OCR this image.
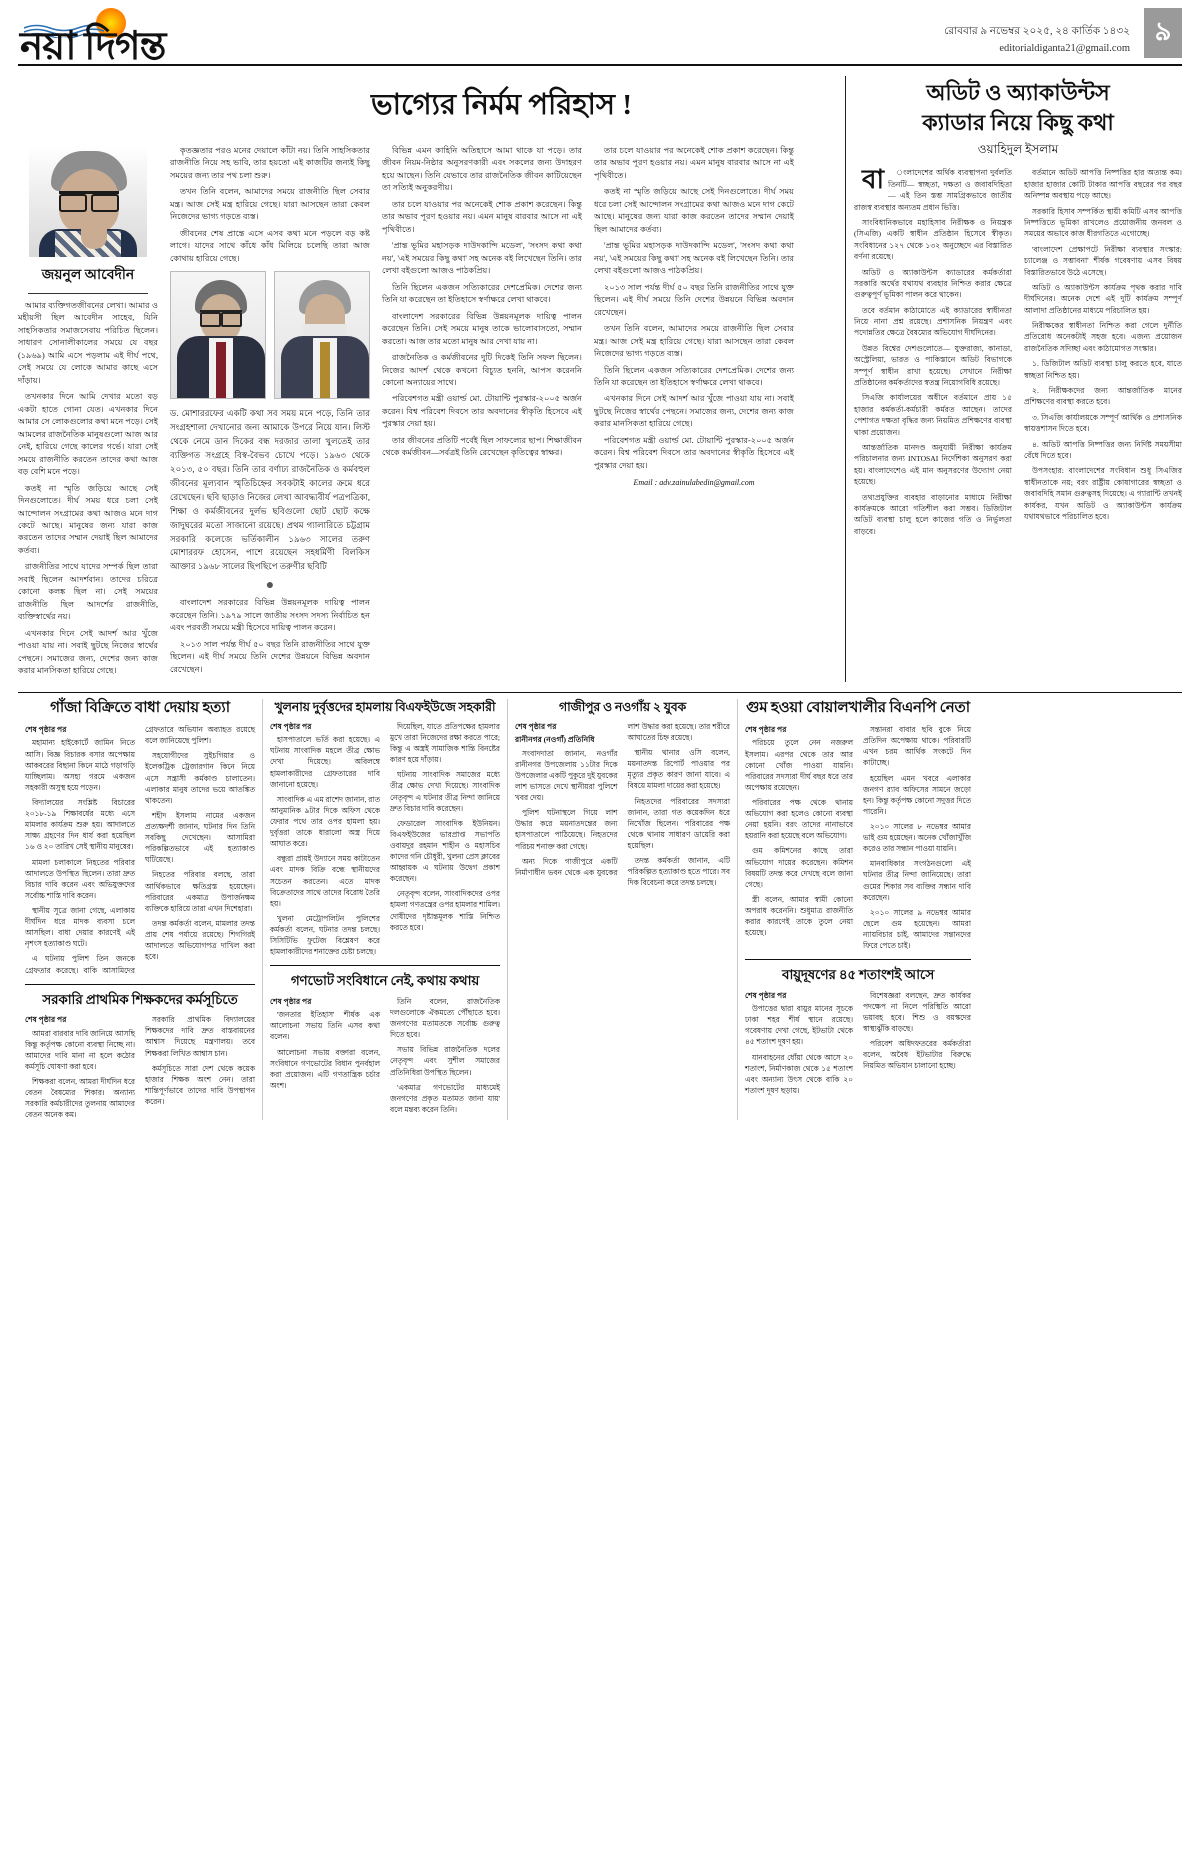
নয়া দিগন্ত	রোববার ৯ নভেম্বর ২০২৫, ২৪ কার্তিক ১৪৩২
editorialdiganta21@gmail.com
৯
ভাগ্যের নির্মম পরিহাস !
জয়নুল আবেদীন

আমার ব্যক্তিগতজীবনের লেখা। আমার ও মহীয়সী ছিল আবেদীন সাহেব, যিনি সাহসিকতার সমাজসেবায় পরিচিত ছিলেন। সাধারণ সোনালীকালের সময়ে যে বছর (১৯৬৯) আমি এসে পড়লাম এই দীর্ঘ পথে, সেই সময়ে যে লোকে আমার কাছে এসে দাঁড়ায়।

তখনকার দিনে আমি দেখার মতো বড় একটা হাতে গোনা যেত। এখনকার দিনে আমার সে লোকগুলোর কথা মনে পড়ে। সেই আমলের রাজনৈতিক মানুষগুলো আজ আর নেই, হারিয়ে গেছে কালের গর্ভে। যারা সেই সময়ে রাজনীতি করতেন তাদের কথা আজ বড় বেশি মনে পড়ে।

কতই না স্মৃতি জড়িয়ে আছে সেই দিনগুলোতে। দীর্ঘ সময় ধরে চলা সেই আন্দোলন সংগ্রামের কথা আজও মনে দাগ কেটে আছে। মানুষের জন্য যারা কাজ করতেন তাদের সম্মান দেয়াই ছিল আমাদের কর্তব্য।

রাজনীতির সাথে যাদের সম্পর্ক ছিল তারা সবাই ছিলেন আদর্শবান। তাদের চরিত্রে কোনো কলঙ্ক ছিল না। সেই সময়ের রাজনীতি ছিল আদর্শের রাজনীতি, ব্যক্তিস্বার্থের নয়।

এখনকার দিনে সেই আদর্শ আর খুঁজে পাওয়া যায় না। সবাই ছুটছে নিজের স্বার্থের পেছনে। সমাজের জন্য, দেশের জন্য কাজ করার মানসিকতা হারিয়ে গেছে।

কৃতজ্ঞতার পরও মনের দেয়ালে কাঁটা নয়। তিনি সাহসিকতার রাজনীতি নিয়ে সহ ভাবি, তার হয়তো এই কাজটির জন্যই কিছু সময়ের জন্য তার পথ চলা শুরু।

তখন তিনি বলেন, আমাদের সময়ে রাজনীতি ছিল সেবার মন্ত্র। আজ সেই মন্ত্র হারিয়ে গেছে। যারা আসছেন তারা কেবল নিজেদের ভাগ্য গড়তে ব্যস্ত।

জীবনের শেষ প্রান্তে এসে এসব কথা মনে পড়লে বড় কষ্ট লাগে। যাদের সাথে কাঁধে কাঁধ মিলিয়ে চলেছি তারা আজ কোথায় হারিয়ে গেছে।

ড. মোশাররফের একটি কথা সব সময় মনে পড়ে, তিনি তার সংগ্রহশালা দেখানোর জন্য আমাকে উপরে নিয়ে যান। লিস্ট থেকে নেমে ডান দিকের বন্ধ দরজার তালা খুলতেই তার ব্যক্তিগত সংগ্রহে বিস্ব-বৈভব চোখে পড়ে। ১৯৬৩ থেকে ২০১৩, ৫০ বছর। তিনি তার বর্ণাঢ্য রাজনৈতিক ও কর্মবহুল জীবনের মূল্যবান স্মৃতিচিহ্নের সবকটাই কালের ক্রমে ধরে রেখেছেন। ছবি ছাড়াও নিজের লেখা আবদ্ধ্যবীর্য পত্রপত্রিকা, শিক্ষা ও কর্মজীবনের দুর্লভ ছবিগুলো ছোট ছোট কক্ষে জাদুঘরের মতো সাজানো রয়েছে। প্রথম গ্যালারিতে চট্টগ্রাম সরকারি কলেজে ভর্তিকালীন ১৯৬৩ সালের তরুণ মোশাররফ হোসেন, পাশে রয়েছেন সহধর্মিণী বিলকিস আক্তার ১৯৬৮ সালের ছিপছিপে তরুণীর ছবিটি

●

বাংলাদেশ সরকারের বিভিন্ন উন্নয়নমূলক দায়িত্ব পালন করেছেন তিনি। ১৯৭৯ সালে জাতীয় সংসদ সদস্য নির্বাচিত হন এবং পরবর্তী সময়ে মন্ত্রী হিসেবে দায়িত্ব পালন করেন।

২০১৩ সাল পর্যন্ত দীর্ঘ ৫০ বছর তিনি রাজনীতির সাথে যুক্ত ছিলেন। এই দীর্ঘ সময়ে তিনি দেশের উন্নয়নে বিভিন্ন অবদান রেখেছেন।

বিভিন্ন এমন কাহিনি অতিহাসে আমা থাকে যা পড়ে। তার জীবন নিয়ম-নিষ্ঠার অনুসরণকারী এবং সকলের জন্য উদাহরণ হয়ে আছেন। তিনি যেভাবে তার রাজনৈতিক জীবন কাটিয়েছেন তা সত্যিই অনুকরণীয়।

তার চলে যাওয়ার পর অনেকেই শোক প্রকাশ করেছেন। কিন্তু তার অভাব পূরণ হওয়ার নয়। এমন মানুষ বারবার আসে না এই পৃথিবীতে।

'প্রান্ত ভূমির মহাসড়ক দাউদকান্দি মডেল', 'সংসদ কথা কথা নয়', 'এই সময়ের কিছু কথা' সহ অনেক বই লিখেছেন তিনি। তার লেখা বইগুলো আজও পাঠকপ্রিয়।

তিনি ছিলেন একজন সত্যিকারের দেশপ্রেমিক। দেশের জন্য তিনি যা করেছেন তা ইতিহাসে স্বর্ণাক্ষরে লেখা থাকবে।

বাংলাদেশ সরকারের বিভিন্ন উন্নয়নমূলক দায়িত্ব পালন করেছেন তিনি। সেই সময়ে মানুষ তাকে ভালোবাসতো, সম্মান করতো। আজ তার মতো মানুষ আর দেখা যায় না।

রাজনৈতিক ও কর্মজীবনের দুটি দিকেই তিনি সফল ছিলেন। নিজের আদর্শ থেকে কখনো বিচ্যুত হননি, আপস করেননি কোনো অন্যায়ের সাথে।

পরিবেশগত মন্ত্রী ওয়ার্ল্ড মো. টোয়ান্টি পুরস্কার-২০০৫ অর্জন করেন। বিশ্ব পরিবেশ দিবসে তার অবদানের স্বীকৃতি হিসেবে এই পুরস্কার দেয়া হয়।

তার জীবনের প্রতিটি পর্বেই ছিল সাফল্যের ছাপ। শিক্ষাজীবন থেকে কর্মজীবন—সর্বত্রই তিনি রেখেছেন কৃতিত্বের স্বাক্ষর।

তার চলে যাওয়ার পর অনেকেই শোক প্রকাশ করেছেন। কিন্তু তার অভাব পূরণ হওয়ার নয়। এমন মানুষ বারবার আসে না এই পৃথিবীতে।

কতই না স্মৃতি জড়িয়ে আছে সেই দিনগুলোতে। দীর্ঘ সময় ধরে চলা সেই আন্দোলন সংগ্রামের কথা আজও মনে দাগ কেটে আছে। মানুষের জন্য যারা কাজ করতেন তাদের সম্মান দেয়াই ছিল আমাদের কর্তব্য।

'প্রান্ত ভূমির মহাসড়ক দাউদকান্দি মডেল', 'সংসদ কথা কথা নয়', 'এই সময়ের কিছু কথা' সহ অনেক বই লিখেছেন তিনি। তার লেখা বইগুলো আজও পাঠকপ্রিয়।

২০১৩ সাল পর্যন্ত দীর্ঘ ৫০ বছর তিনি রাজনীতির সাথে যুক্ত ছিলেন। এই দীর্ঘ সময়ে তিনি দেশের উন্নয়নে বিভিন্ন অবদান রেখেছেন।

তখন তিনি বলেন, আমাদের সময়ে রাজনীতি ছিল সেবার মন্ত্র। আজ সেই মন্ত্র হারিয়ে গেছে। যারা আসছেন তারা কেবল নিজেদের ভাগ্য গড়তে ব্যস্ত।

তিনি ছিলেন একজন সত্যিকারের দেশপ্রেমিক। দেশের জন্য তিনি যা করেছেন তা ইতিহাসে স্বর্ণাক্ষরে লেখা থাকবে।

এখনকার দিনে সেই আদর্শ আর খুঁজে পাওয়া যায় না। সবাই ছুটছে নিজের স্বার্থের পেছনে। সমাজের জন্য, দেশের জন্য কাজ করার মানসিকতা হারিয়ে গেছে।

পরিবেশগত মন্ত্রী ওয়ার্ল্ড মো. টোয়ান্টি পুরস্কার-২০০৫ অর্জন করেন। বিশ্ব পরিবেশ দিবসে তার অবদানের স্বীকৃতি হিসেবে এই পুরস্কার দেয়া হয়।

Email : adv.zainulabedin@gmail.com

অডিট ও অ্যাকাউন্টস
ক্যাডার নিয়ে কিছু কথা
ওয়াহিদুল ইসলাম

বা	ংলাদেশের অর্থিক ব্যবস্থাপনা দুর্বলতি তিনটি— স্বচ্ছতা, দক্ষতা ও জবাবদিহিতা— এই তিন স্তম্ভ সামগ্রিকভাবে জাতীয় রাজস্ব ব্যবস্থার অন্যতম প্রধান ভিত্তি।

সাংবিধানিকভাবে মহাহিসাব নিরীক্ষক ও নিয়ন্ত্রক (সিএজি) একটি স্বাধীন প্রতিষ্ঠান হিসেবে স্বীকৃত। সংবিধানের ১২৭ থেকে ১৩২ অনুচ্ছেদে এর বিস্তারিত বর্ণনা রয়েছে।

অডিট ও অ্যাকাউন্টস ক্যাডারের কর্মকর্তারা সরকারি অর্থের যথাযথ ব্যবহার নিশ্চিত করার ক্ষেত্রে গুরুত্বপূর্ণ ভূমিকা পালন করে থাকেন।

তবে বর্তমান কাঠামোতে এই ক্যাডারের স্বাধীনতা নিয়ে নানা প্রশ্ন রয়েছে। প্রশাসনিক নিয়ন্ত্রণ এবং পদোন্নতির ক্ষেত্রে বৈষম্যের অভিযোগ দীর্ঘদিনের।

উন্নত বিশ্বের দেশগুলোতে— যুক্তরাজ্য, কানাডা, অস্ট্রেলিয়া, ভারত ও পাকিস্তানে অডিট বিভাগকে সম্পূর্ণ স্বাধীন রাখা হয়েছে। সেখানে নিরীক্ষা প্রতিষ্ঠানের কর্মকর্তাদের স্বতন্ত্র নিয়োগবিধি রয়েছে।

সিএজি কার্যালয়ের অধীনে বর্তমানে প্রায় ১৫ হাজার কর্মকর্তা-কর্মচারী কর্মরত আছেন। তাদের পেশাগত দক্ষতা বৃদ্ধির জন্য নিয়মিত প্রশিক্ষণের ব্যবস্থা থাকা প্রয়োজন।

আন্তর্জাতিক মানদণ্ড অনুযায়ী নিরীক্ষা কার্যক্রম পরিচালনার জন্য INTOSAI নির্দেশিকা অনুসরণ করা হয়। বাংলাদেশেও এই মান অনুসরণের উদ্যোগ নেয়া হয়েছে।

তথ্যপ্রযুক্তির ব্যবহার বাড়ানোর মাধ্যমে নিরীক্ষা কার্যক্রমকে আরো গতিশীল করা সম্ভব। ডিজিটাল অডিট ব্যবস্থা চালু হলে কাজের গতি ও নির্ভুলতা বাড়বে।

বর্তমানে অডিট আপত্তি নিষ্পত্তির হার অত্যন্ত কম। হাজার হাজার কোটি টাকার আপত্তি বছরের পর বছর অনিষ্পন্ন অবস্থায় পড়ে আছে।

সরকারি হিসাব সম্পর্কিত স্থায়ী কমিটি এসব আপত্তি নিষ্পত্তিতে ভূমিকা রাখলেও প্রয়োজনীয় জনবল ও সময়ের অভাবে কাজ ধীরগতিতে এগোচ্ছে।

'বাংলাদেশ প্রেক্ষাপটে নিরীক্ষা ব্যবস্থার সংস্কার: চ্যালেঞ্জ ও সম্ভাবনা' শীর্ষক গবেষণায় এসব বিষয় বিস্তারিতভাবে উঠে এসেছে।

অডিট ও অ্যাকাউন্টস কার্যক্রম পৃথক করার দাবি দীর্ঘদিনের। অনেক দেশে এই দুটি কার্যক্রম সম্পূর্ণ আলাদা প্রতিষ্ঠানের মাধ্যমে পরিচালিত হয়।

নিরীক্ষকের স্বাধীনতা নিশ্চিত করা গেলে দুর্নীতি প্রতিরোধ অনেকটাই সহজ হবে। এজন্য প্রয়োজন রাজনৈতিক সদিচ্ছা এবং কাঠামোগত সংস্কার।

১. ডিজিটাল অডিট ব্যবস্থা চালু করতে হবে, যাতে স্বচ্ছতা নিশ্চিত হয়।

২. নিরীক্ষকদের জন্য আন্তর্জাতিক মানের প্রশিক্ষণের ব্যবস্থা করতে হবে।

৩. সিএজি কার্যালয়কে সম্পূর্ণ আর্থিক ও প্রশাসনিক স্বায়ত্তশাসন দিতে হবে।

৪. অডিট আপত্তি নিষ্পত্তির জন্য নির্দিষ্ট সময়সীমা বেঁধে দিতে হবে।

উপসংহার: বাংলাদেশের সংবিধান শুধু সিএজির স্বাধীনতাকে নয়; বরং রাষ্ট্রীয় কোষাগারের স্বচ্ছতা ও জবাবদিহি সমান গুরুত্বসহ দিয়েছে। এ গ্যারান্টি তখনই কার্যকর, যখন অডিট ও অ্যাকাউন্টস কার্যক্রম যথাযথভাবে পরিচালিত হবে।

গাঁজা বিক্রিতে বাধা দেয়ায় হত্যা
শেষ পৃষ্ঠার পর

মহামান্য হাইকোর্টে জামিন নিতে আসি। বিজ্ঞ বিচারক বসার অপেক্ষায় আকবরের বিছানা কিনে মাঠে গড়াগড়ি যাচ্ছিলাম। অসহ্য গরমে একজন সহকারী অসুস্থ হয়ে পড়েন।

বিদ্যালয়ের সংশ্লিষ্ট বিচারের ২০১৮-১৯ শিক্ষাবর্ষের মধ্যে এসে মামলার কার্যক্রম শুরু হয়। আদালতে সাক্ষ্য গ্রহণের দিন ধার্য করা হয়েছিল ১৬ ও ২০ তারিখ সেই স্থানীয় মানুষের।

মামলা চলাকালে নিহতের পরিবার আদালতে উপস্থিত ছিলেন। তারা দ্রুত বিচার দাবি করেন এবং অভিযুক্তদের সর্বোচ্চ শাস্তি দাবি করেন।

স্থানীয় সূত্রে জানা গেছে, এলাকায় দীর্ঘদিন ধরে মাদক ব্যবসা চলে আসছিল। বাধা দেয়ার কারণেই এই নৃশংস হত্যাকাণ্ড ঘটে।

এ ঘটনায় পুলিশ তিন জনকে গ্রেফতার করেছে। বাকি আসামিদের গ্রেফতারে অভিযান অব্যাহত রয়েছে বলে জানিয়েছে পুলিশ।

সহযোগীদের সুইচগিয়ার ও ইলেকট্রিক ট্রেজারগান কিনে নিয়ে এসে সন্ত্রাসী কর্মকাণ্ড চালাতেন। এলাকার মানুষ তাদের ভয়ে আতঙ্কিত থাকতেন।

শহীদ ইসলাম নামের একজন প্রত্যক্ষদর্শী জানান, ঘটনার দিন তিনি সবকিছু দেখেছেন। আসামিরা পরিকল্পিতভাবে এই হত্যাকাণ্ড ঘটিয়েছে।

নিহতের পরিবার বলছে, তারা আর্থিকভাবে ক্ষতিগ্রস্ত হয়েছেন। পরিবারের একমাত্র উপার্জনক্ষম ব্যক্তিকে হারিয়ে তারা এখন দিশেহারা।

তদন্ত কর্মকর্তা বলেন, মামলার তদন্ত প্রায় শেষ পর্যায়ে রয়েছে। শিগগিরই আদালতে অভিযোগপত্র দাখিল করা হবে।

সরকারি প্রাথমিক শিক্ষকদের কর্মসূচিতে
শেষ পৃষ্ঠার পর

আমরা বারবার দাবি জানিয়ে আসছি কিন্তু কর্তৃপক্ষ কোনো ব্যবস্থা নিচ্ছে না। আমাদের দাবি মানা না হলে কঠোর কর্মসূচি ঘোষণা করা হবে।

শিক্ষকরা বলেন, আমরা দীর্ঘদিন ধরে বেতন বৈষম্যের শিকার। অন্যান্য সরকারি কর্মচারীদের তুলনায় আমাদের বেতন অনেক কম।

সরকারি প্রাথমিক বিদ্যালয়ের শিক্ষকদের দাবি দ্রুত বাস্তবায়নের আশ্বাস দিয়েছে মন্ত্রণালয়। তবে শিক্ষকরা লিখিত আশ্বাস চান।

কর্মসূচিতে সারা দেশ থেকে কয়েক হাজার শিক্ষক অংশ নেন। তারা শান্তিপূর্ণভাবে তাদের দাবি উপস্থাপন করেন।

খুলনায় দুর্বৃত্তদের হামলায় বিএফইউজে সহকারী
শেষ পৃষ্ঠার পর

হাসপাতালে ভর্তি করা হয়েছে। এ ঘটনায় সাংবাদিক মহলে তীব্র ক্ষোভ দেখা দিয়েছে। অবিলম্বে হামলাকারীদের গ্রেফতারের দাবি জানানো হয়েছে।

সাংবাদিক এ এম রাশেদ জানান, রাত আনুমানিক ৯টার দিকে অফিস থেকে ফেরার পথে তার ওপর হামলা হয়। দুর্বৃত্তরা তাকে ধারালো অস্ত্র দিয়ে আঘাত করে।

বন্ধুরা প্রায়ই উদ্যানে সময় কাটাতেন এবং মাদক বিক্রি বন্ধে স্থানীয়দের সচেতন করতেন। এতে মাদক বিক্রেতাদের সাথে তাদের বিরোধ তৈরি হয়।

খুলনা মেট্রোপলিটন পুলিশের কর্মকর্তা বলেন, ঘটনার তদন্ত চলছে। সিসিটিভি ফুটেজ বিশ্লেষণ করে হামলাকারীদের শনাক্তের চেষ্টা চলছে।

দিয়েছিল, যাতে প্রতিপক্ষের হামলার মুখে তারা নিজেদের রক্ষা করতে পারে; কিন্তু এ অস্ত্রই সামাজিক শান্তি বিনষ্টের কারণ হয়ে দাঁড়ায়।

ঘটনায় সাংবাদিক সমাজের মধ্যে তীব্র ক্ষোভ দেখা দিয়েছে। সাংবাদিক নেতৃবৃন্দ এ ঘটনার তীব্র নিন্দা জানিয়ে দ্রুত বিচার দাবি করেছেন।

ফেডারেল সাংবাদিক ইউনিয়ন। বিএফইউজের ভারপ্রাপ্ত সভাপতি ওবায়দুর রহমান শাহীন ও মহাসচিব কাদের গনি চৌধুরী, খুলনা প্রেস ক্লাবের আহ্বায়ক এ ঘটনায় উদ্বেগ প্রকাশ করেছেন।

নেতৃবৃন্দ বলেন, সাংবাদিকদের ওপর হামলা গণতন্ত্রের ওপর হামলার শামিল। দোষীদের দৃষ্টান্তমূলক শাস্তি নিশ্চিত করতে হবে।

গণভোট সংবিধানে নেই, কথায় কথায়
শেষ পৃষ্ঠার পর

'জনতার ইতিহাস' শীর্ষক এক আলোচনা সভায় তিনি এসব কথা বলেন।

আলোচনা সভায় বক্তারা বলেন, সংবিধানে গণভোটের বিধান পুনর্বহাল করা প্রয়োজন। এটি গণতান্ত্রিক চর্চার অংশ।

তিনি বলেন, রাজনৈতিক দলগুলোকে ঐকমত্যে পৌঁছাতে হবে। জনগণের মতামতকে সর্বোচ্চ গুরুত্ব দিতে হবে।

সভায় বিভিন্ন রাজনৈতিক দলের নেতৃবৃন্দ এবং সুশীল সমাজের প্রতিনিধিরা উপস্থিত ছিলেন।

'একমাত্র গণভোটের মাধ্যমেই জনগণের প্রকৃত মতামত জানা যায়' বলে মন্তব্য করেন তিনি।

গাজীপুর ও নওগাঁয় ২ যুবক
শেষ পৃষ্ঠার পর
রানীনগর (নওগাঁ) প্রতিনিধি

সংবাদদাতা জানান, নওগাঁর রানীনগর উপজেলায় ১১টার দিকে উপজেলার একটি পুকুরে দুই যুবকের লাশ ভাসতে দেখে স্থানীয়রা পুলিশে খবর দেয়।

পুলিশ ঘটনাস্থলে গিয়ে লাশ উদ্ধার করে ময়নাতদন্তের জন্য হাসপাতালে পাঠিয়েছে। নিহতদের পরিচয় শনাক্ত করা গেছে।

অন্য দিকে গাজীপুরে একটি নির্মাণাধীন ভবন থেকে এক যুবকের লাশ উদ্ধার করা হয়েছে। তার শরীরে আঘাতের চিহ্ন রয়েছে।

স্থানীয় থানার ওসি বলেন, ময়নাতদন্ত রিপোর্ট পাওয়ার পর মৃত্যুর প্রকৃত কারণ জানা যাবে। এ বিষয়ে মামলা দায়ের করা হয়েছে।

নিহতদের পরিবারের সদস্যরা জানান, তারা গত কয়েকদিন ধরে নিখোঁজ ছিলেন। পরিবারের পক্ষ থেকে থানায় সাধারণ ডায়েরি করা হয়েছিল।

তদন্ত কর্মকর্তা জানান, এটি পরিকল্পিত হত্যাকাণ্ড হতে পারে। সব দিক বিবেচনা করে তদন্ত চলছে।

গুম হওয়া বোয়ালখালীর বিএনপি নেতা
শেষ পৃষ্ঠার পর

পরিচয়ে তুলে নেন নজরুল ইসলাম। এরপর থেকে তার আর কোনো খোঁজ পাওয়া যায়নি। পরিবারের সদস্যরা দীর্ঘ বছর ধরে তার অপেক্ষায় রয়েছেন।

পরিবারের পক্ষ থেকে থানায় অভিযোগ করা হলেও কোনো ব্যবস্থা নেয়া হয়নি। বরং তাদের নানাভাবে হয়রানি করা হয়েছে বলে অভিযোগ।

গুম কমিশনের কাছে তারা অভিযোগ দায়ের করেছেন। কমিশন বিষয়টি তদন্ত করে দেখছে বলে জানা গেছে।

স্ত্রী বলেন, আমার স্বামী কোনো অপরাধ করেননি। শুধুমাত্র রাজনীতি করার কারণেই তাকে তুলে নেয়া হয়েছে।

সন্তানরা বাবার ছবি বুকে নিয়ে প্রতিদিন অপেক্ষায় থাকে। পরিবারটি এখন চরম আর্থিক সংকটে দিন কাটাচ্ছে।

হয়েছিল এমন খবরে এলাকার জনগণ র‍্যাব অফিসের সামনে জড়ো হন। কিন্তু কর্তৃপক্ষ কোনো সদুত্তর দিতে পারেনি।

২০১০ সালের ৮ নভেম্বর আমার ভাই গুম হয়েছেন। অনেক খোঁজাখুঁজি করেও তার সন্ধান পাওয়া যায়নি।

মানবাধিকার সংগঠনগুলো এই ঘটনার তীব্র নিন্দা জানিয়েছে। তারা গুমের শিকার সব ব্যক্তির সন্ধান দাবি করেছেন।

২০১০ সালের ৯ নভেম্বর আমার ছেলে গুম হয়েছেন। আমরা ন্যায়বিচার চাই, আমাদের সন্তানদের ফিরে পেতে চাই।

বায়ুদূষণের ৪৫ শতাংশই আসে
শেষ পৃষ্ঠার পর

উপাত্তের দ্বারা বায়ুর মানের সূচকে ঢাকা শহর শীর্ষ স্থানে রয়েছে। গবেষণায় দেখা গেছে, ইটভাটা থেকে ৪৫ শতাংশ দূষণ হয়।

যানবাহনের ধোঁয়া থেকে আসে ২০ শতাংশ, নির্মাণকাজ থেকে ১৫ শতাংশ এবং অন্যান্য উৎস থেকে বাকি ২০ শতাংশ দূষণ ছড়ায়।

বিশেষজ্ঞরা বলছেন, দ্রুত কার্যকর পদক্ষেপ না নিলে পরিস্থিতি আরো ভয়াবহ হবে। শিশু ও বয়স্কদের স্বাস্থ্যঝুঁকি বাড়ছে।

পরিবেশ অধিদফতরের কর্মকর্তারা বলেন, অবৈধ ইটভাটার বিরুদ্ধে নিয়মিত অভিযান চালানো হচ্ছে।
